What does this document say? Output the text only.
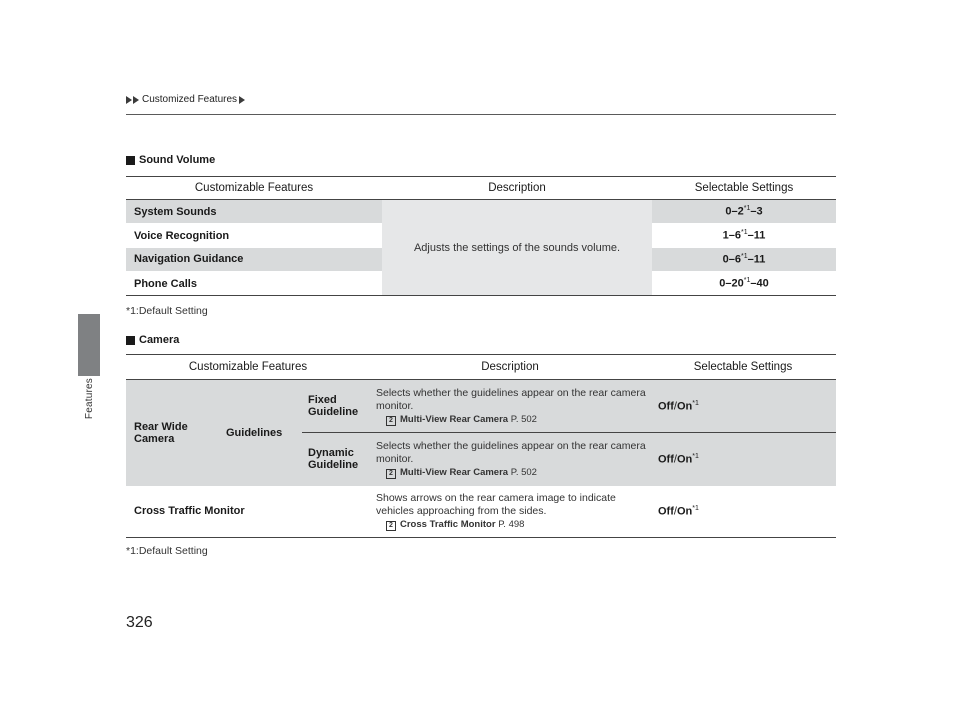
Features
Customized Features
Sound Volume
Customizable Features	Description	Selectable Settings
System Sounds	Adjusts the settings of the sounds volume.	0–2$^{*1}$–3
Voice Recognition		1–6$^{*1}$–11
Navigation Guidance		0–6$^{*1}$–11
Phone Calls		0–20$^{*1}$–40
*1:Default Setting
Camera
Customizable Features			Description	Selectable Settings
Rear Wide Camera	Guidelines	Fixed Guideline	Selects whether the guidelines appear on the rear camera monitor.
2 Multi-View Rear Camera P. 502	Off/On$^{*1}$
		Dynamic Guideline	Selects whether the guidelines appear on the rear camera monitor.
2 Multi-View Rear Camera P. 502	Off/On$^{*1}$
Cross Traffic Monitor			Shows arrows on the rear camera image to indicate vehicles approaching from the sides.
2 Cross Traffic Monitor P. 498	Off/On$^{*1}$
*1:Default Setting
326
